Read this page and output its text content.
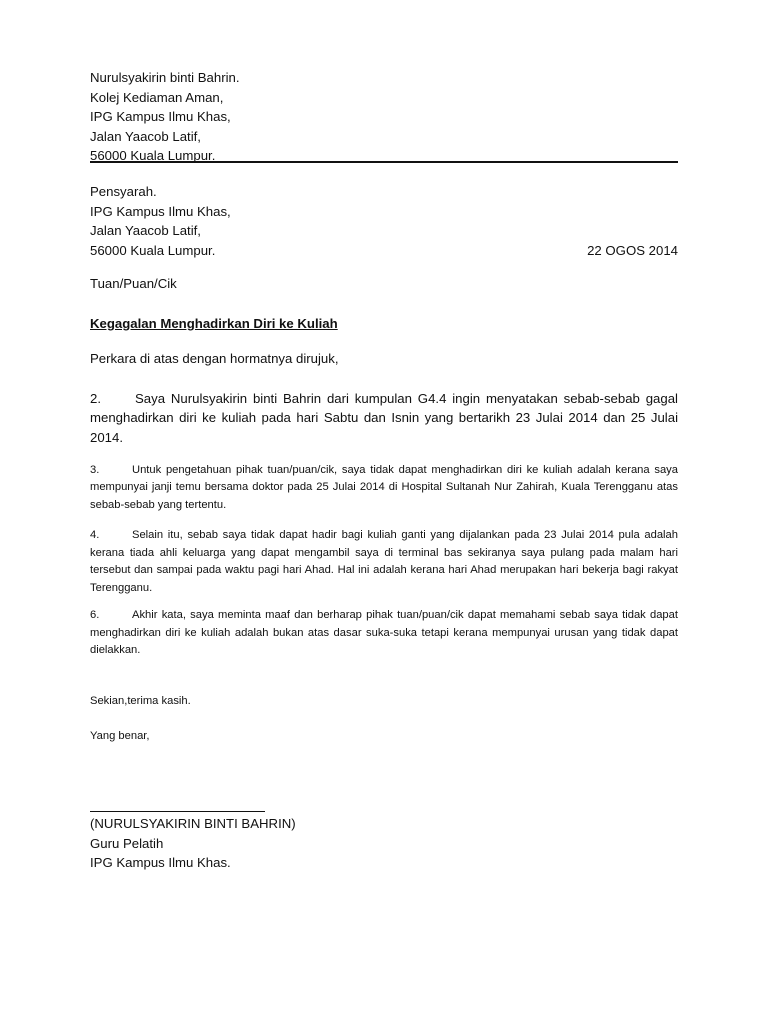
Nurulsyakirin binti Bahrin.

Kolej Kediaman Aman,

IPG Kampus Ilmu Khas,

Jalan Yaacob Latif,

56000 Kuala Lumpur.

Pensyarah.

IPG Kampus Ilmu Khas,

Jalan Yaacob Latif,

56000 Kuala Lumpur.	22 OGOS 2014

Tuan/Puan/Cik
Kegagalan Menghadirkan Diri ke Kuliah
Perkara di atas dengan hormatnya dirujuk,

2.	Saya Nurulsyakirin binti Bahrin dari kumpulan G4.4 ingin menyatakan sebab-sebab gagal menghadirkan diri ke kuliah pada hari Sabtu dan Isnin yang bertarikh 23 Julai 2014 dan 25 Julai 2014.

3.	Untuk pengetahuan pihak tuan/puan/cik, saya tidak dapat menghadirkan diri ke kuliah adalah kerana saya mempunyai janji temu bersama doktor pada 25 Julai 2014 di Hospital Sultanah Nur Zahirah, Kuala Terengganu atas sebab-sebab yang tertentu.

4.	Selain itu, sebab saya tidak dapat hadir bagi kuliah ganti yang dijalankan pada 23 Julai 2014 pula adalah kerana tiada ahli keluarga yang dapat mengambil saya di terminal bas sekiranya saya pulang pada malam hari tersebut dan sampai pada waktu pagi hari Ahad. Hal ini adalah kerana hari Ahad merupakan hari bekerja bagi rakyat Terengganu.

6.	Akhir kata, saya meminta maaf dan berharap pihak tuan/puan/cik dapat memahami sebab saya tidak dapat menghadirkan diri ke kuliah adalah bukan atas dasar suka-suka tetapi kerana mempunyai urusan yang tidak dapat dielakkan.

Sekian,terima kasih.
Yang benar,

(NURULSYAKIRIN BINTI BAHRIN)

Guru Pelatih

IPG Kampus Ilmu Khas.
